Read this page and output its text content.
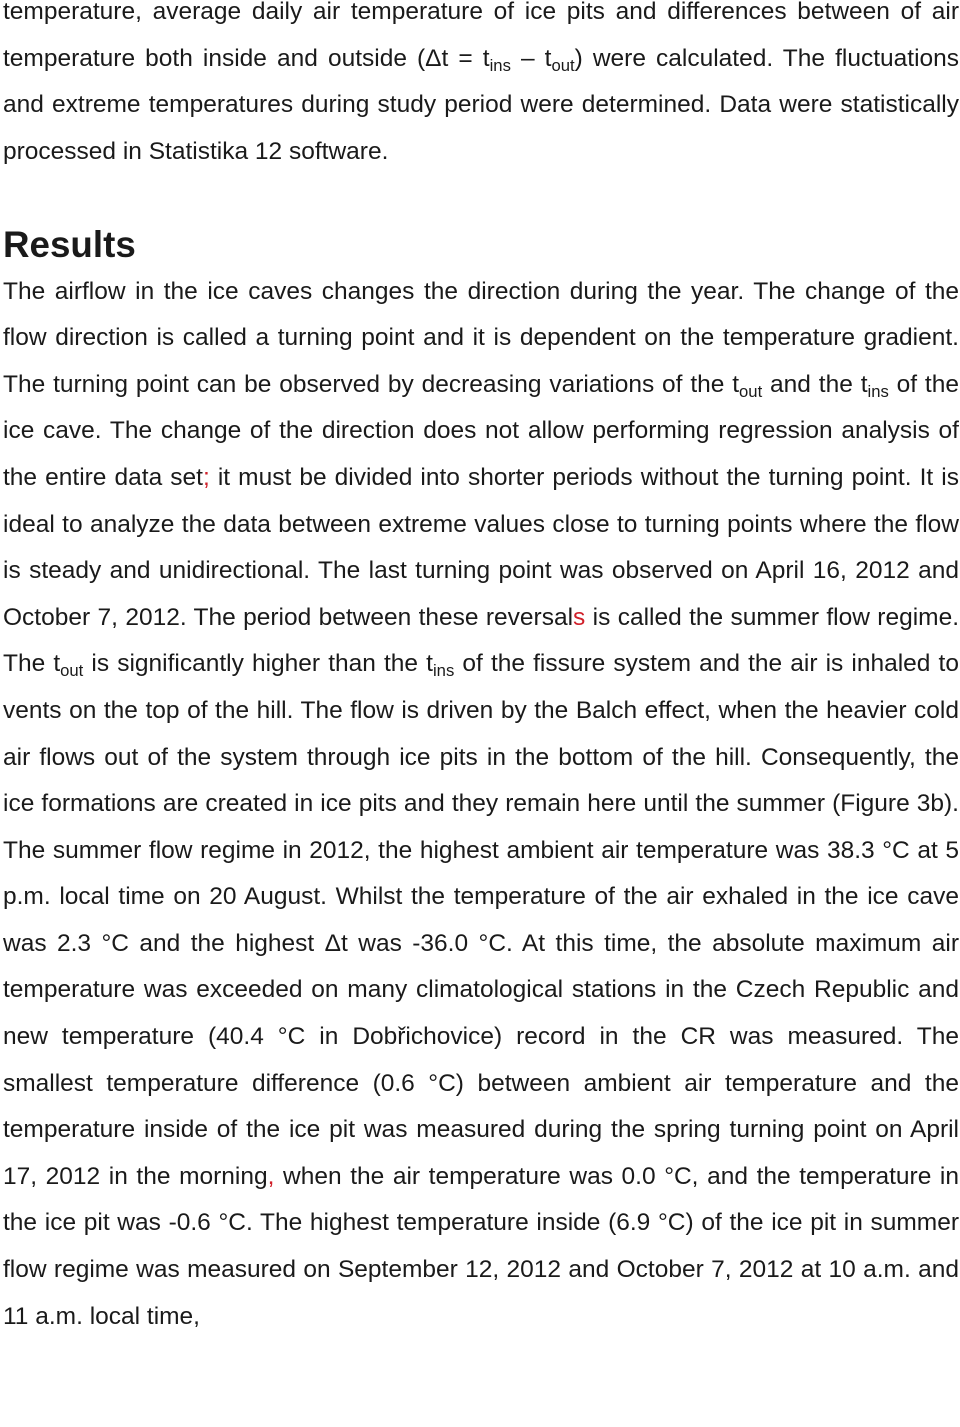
temperature, average daily air temperature of ice pits and differences between of air temperature both inside and outside $(\Delta t = t_{ins} - t_{out})$ were calculated. The fluctuations and extreme temperatures during study period were determined. Data were statistically processed in Statistika 12 software.

Results

The airflow in the ice caves changes the direction during the year. The change of the flow direction is called a turning point and it is dependent on the temperature gradient. The turning point can be observed by decreasing variations of the $t_{out}$ and the $t_{ins}$ of the ice cave. The change of the direction does not allow performing regression analysis of the entire data set; it must be divided into shorter periods without the turning point. It is ideal to analyze the data between extreme values close to turning points where the flow is steady and unidirectional. The last turning point was observed on April 16, 2012 and October 7, 2012. The period between these reversals is called the summer flow regime. The $t_{out}$ is significantly higher than the $t_{ins}$ of the fissure system and the air is inhaled to vents on the top of the hill. The flow is driven by the Balch effect, when the heavier cold air flows out of the system through ice pits in the bottom of the hill. Consequently, the ice formations are created in ice pits and they remain here until the summer (Figure 3b). The summer flow regime in 2012, the highest ambient air temperature was 38.3 °C at 5 p.m. local time on 20 August. Whilst the temperature of the air exhaled in the ice cave was 2.3 °C and the highest Δt was -36.0 °C. At this time, the absolute maximum air temperature was exceeded on many climatological stations in the Czech Republic and new temperature (40.4 °C in Dobřichovice) record in the CR was measured. The smallest temperature difference (0.6 °C) between ambient air temperature and the temperature inside of the ice pit was measured during the spring turning point on April 17, 2012 in the morning, when the air temperature was 0.0 °C, and the temperature in the ice pit was -0.6 °C. The highest temperature inside (6.9 °C) of the ice pit in summer flow regime was measured on September 12, 2012 and October 7, 2012 at 10 a.m. and 11 a.m. local time,
